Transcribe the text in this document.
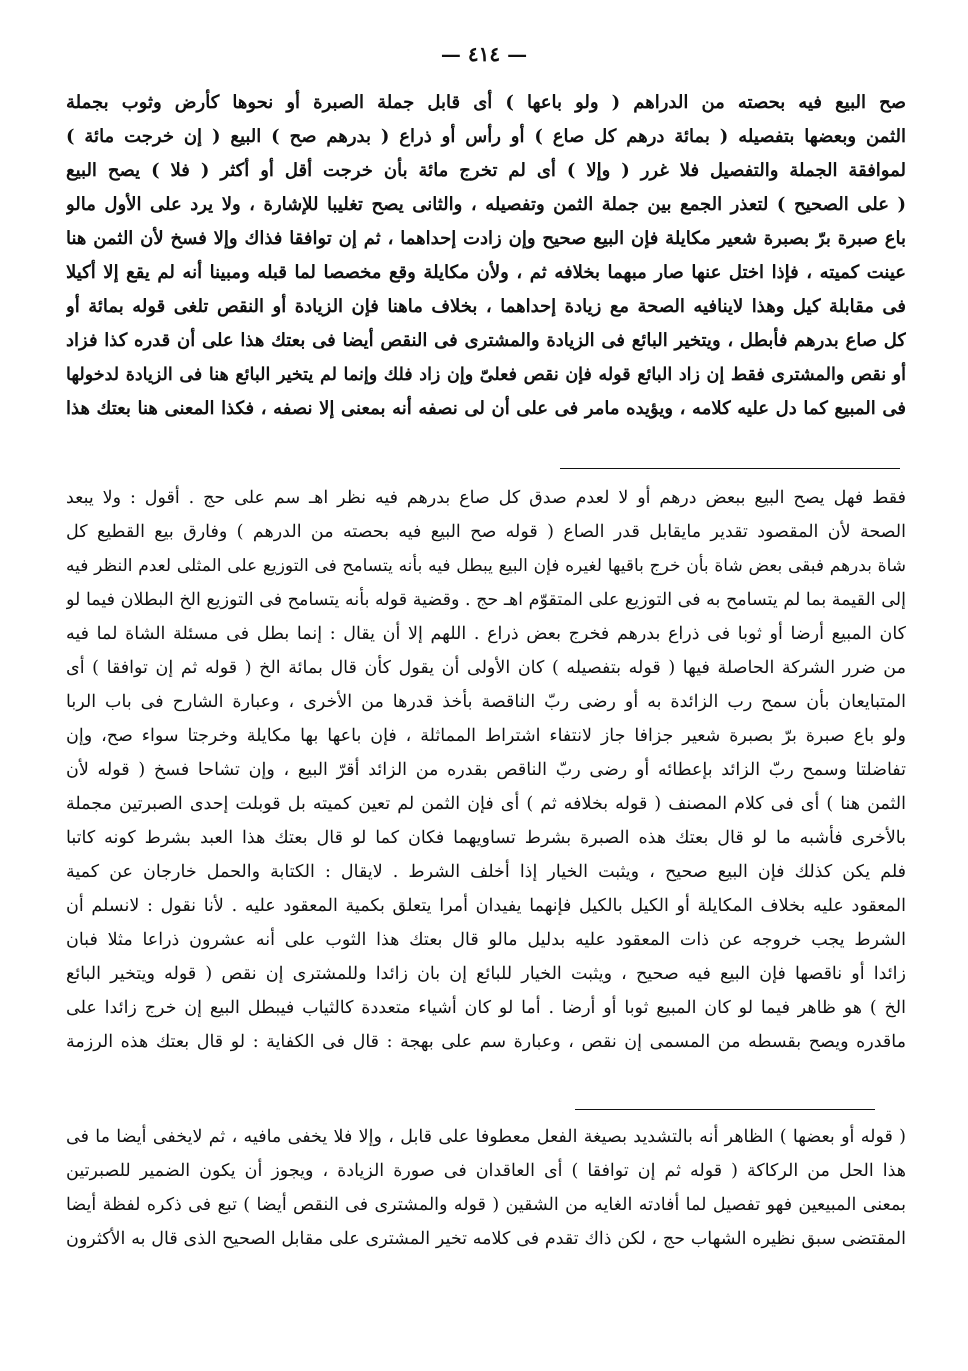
— ٤١٤ —
صح البيع فيه بحصته من الدراهم ( ولو باعها ) أى قابل جملة الصبرة أو نحوها كأرض وثوب بجملة
الثمن وبعضها بتفصيله ( بمائة درهم كل صاع ) أو رأس أو ذراع ( بدرهم صح ) البيع ( إن خرجت مائة )
لموافقة الجملة والتفصيل فلا غرر ( وإلا ) أى لم تخرج مائة بأن خرجت أقل أو أكثر ( فلا ) يصح البيع
( على الصحيح ) لتعذر الجمع بين جملة الثمن وتفصيله ، والثانى يصح تغليبا للإشارة ، ولا يرد على الأول مالو
باع صبرة برّ بصبرة شعير مكايلة فإن البيع صحيح وإن زادت إحداهما ، ثم إن توافقا فذاك وإلا فسخ لأن الثمن هنا
عينت كميته ، فإذا اختل عنها صار مبهما بخلافه ثم ، ولأن مكايلة وقع مخصصا لما قبله ومبينا أنه لم يقع إلا أكيلا
فى مقابلة كيل وهذا لاينافيه الصحة مع زيادة إحداهما ، بخلاف ماهنا فإن الزيادة أو النقص تلغى قوله بمائة أو
كل صاع بدرهم فأبطل ، ويتخير البائع فى الزيادة والمشترى فى النقص أيضا فى بعتك هذا على أن قدره كذا فزاد
أو نقص والمشترى فقط إن زاد البائع قوله فإن نقص فعلىّ وإن زاد فلك وإنما لم يتخير البائع هنا فى الزيادة لدخولها
فى المبيع كما دل عليه كلامه ، ويؤيده مامر فى على أن لى نصفه أنه بمعنى إلا نصفه ، فكذا المعنى هنا بعتك هذا
فقط فهل يصح البيع ببعض درهم أو لا لعدم صدق كل صاع بدرهم فيه نظر اهـ سم على حج . أقول : ولا يبعد
الصحة لأن المقصود تقدير مايقابل قدر الصاع ( قوله صح البيع فيه بحصته من الدرهم ) وفارق بيع القطيع كل
شاة بدرهم فبقى بعض شاة بأن خرج باقيها لغيره فإن البيع يبطل فيه بأنه يتسامح فى التوزيع على المثلى لعدم النظر فيه
إلى القيمة بما لم يتسامح به فى التوزيع على المتقوّم اهـ حج . وقضية قوله بأنه يتسامح فى التوزيع الخ البطلان فيما لو
كان المبيع أرضا أو ثوبا فى ذراع بدرهم فخرج بعض ذراع . اللهم إلا أن يقال : إنما بطل فى مسئلة الشاة لما فيه
من ضرر الشركة الحاصلة فيها ( قوله بتفصيله ) كان الأولى أن يقول كأن قال بمائة الخ ( قوله ثم إن توافقا ) أى
المتبايعان بأن سمح رب الزائدة به أو رضى ربّ الناقصة بأخذ قدرها من الأخرى ، وعبارة الشارح فى باب الربا
ولو باع صبرة برّ بصبرة شعير جزافا جاز لانتفاء اشتراط المماثلة ، فإن باعها بها مكايلة وخرجتا سواء صح، وإن
تفاضلتا وسمح ربّ الزائد بإعطائه أو رضى ربّ الناقص بقدره من الزائد أقرّ البيع ، وإن تشاحا فسخ ( قوله لأن
الثمن هنا ) أى فى كلام المصنف ( قوله بخلافه ثم ) أى فإن الثمن لم تعين كميته بل قوبلت إحدى الصبرتين مجملة
بالأخرى فأشبه ما لو قال بعتك هذه الصبرة بشرط تساويهما فكان كما لو قال بعتك هذا العبد بشرط كونه كاتبا
فلم يكن كذلك فإن البيع صحيح ، ويثبت الخيار إذا أخلف الشرط . لايقال : الكتابة والحمل خارجان عن كمية
المعقود عليه بخلاف المكايلة أو الكيل بالكيل فإنهما يفيدان أمرا يتعلق بكمية المعقود عليه . لأنا نقول : لانسلم أن
الشرط يجب خروجه عن ذات المعقود عليه بدليل مالو قال بعتك هذا الثوب على أنه عشرون ذراعا مثلا فبان
زائدا أو ناقصها فإن البيع فيه صحيح ، ويثبت الخيار للبائع إن بان زائدا وللمشترى إن نقص ( قوله ويتخير البائع
الخ ) هو ظاهر فيما لو كان المبيع ثوبا أو أرضا . أما لو كان أشياء متعددة كالثياب فيبطل البيع إن خرج زائدا على
ماقدره ويصح بقسطه من المسمى إن نقص ، وعبارة سم على بهجة : قال فى الكفاية : لو قال بعتك هذه الرزمة
( قوله أو بعضها ) الظاهر أنه بالتشديد بصيغة الفعل معطوفا على قابل ، وإلا فلا يخفى مافيه ، ثم لايخفى أيضا ما فى
هذا الحل من الركاكة ( قوله ثم إن توافقا ) أى العاقدان فى صورة الزيادة ، ويجوز أن يكون الضمير للصبرتين
بمعنى المبيعين فهو تفصيل لما أفادته الغايه من الشقين ( قوله والمشترى فى النقص أيضا ) تبع فى ذكره لفظة أيضا
المقتضى سبق نظيره الشهاب حج ، لكن ذاك تقدم فى كلامه تخير المشترى على مقابل الصحيح الذى قال به الأكثرون
